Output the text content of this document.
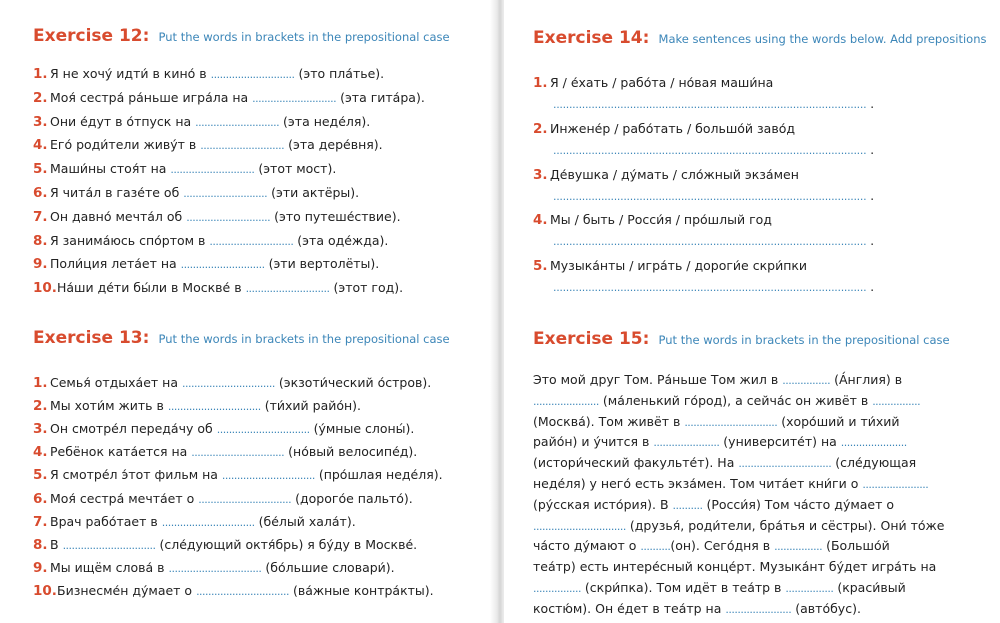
Exercise 12: Put the words in brackets in the prepositional case
1. Я не хочу́ идти́ в кино́ в ............................ (это пла́тье).
2. Моя́ сестра́ ра́ньше игра́ла на ............................ (эта гита́ра).
3. Они е́дут в о́тпуск на ............................ (эта неде́ля).
4. Его́ роди́тели живу́т в ............................ (эта дере́вня).
5. Маши́ны стоя́т на ............................ (этот мост).
6. Я чита́л в газе́те об ............................ (эти актёры).
7. Он давно́ мечта́л об ............................ (это путеше́ствие).
8. Я занима́юсь спо́ртом в ............................ (эта оде́жда).
9. Поли́ция лета́ет на ............................ (эти вертолёты).
10.На́ши де́ти бы́ли в Москве́ в ............................ (этот год).
Exercise 13: Put the words in brackets in the prepositional case
1. Семья́ отдыха́ет на ............................... (экзоти́ческий о́стров).
2. Мы хоти́м жить в ............................... (ти́хий райо́н).
3. Он смотре́л переда́чу об ............................... (у́мные слоны́).
4. Ребёнок ката́ется на ............................... (но́вый велосипе́д).
5. Я смотре́л э́тот фильм на ............................... (про́шлая неде́ля).
6. Моя́ сестра́ мечта́ет о ............................... (дорого́е пальто́).
7. Врач рабо́тает в ............................... (бе́лый хала́т).
8. В ............................... (сле́дующий октя́брь) я бу́ду в Москве́.
9. Мы ищём слова́ в ............................... (бо́льшие словари́).
10.Бизнесме́н ду́мает о ............................... (ва́жные контра́кты).
Exercise 14: Make sentences using the words below. Add prepositions
1. Я / е́хать / рабо́та / но́вая маши́на
.................................................................................................. .
2. Инжене́р / рабо́тать / большо́й заво́д
.................................................................................................. .
3. Де́вушка / ду́мать / сло́жный экза́мен
.................................................................................................. .
4. Мы / быть / Росси́я / про́шлый год
.................................................................................................. .
5. Музыка́нты / игра́ть / дороги́е скри́пки
.................................................................................................. .
Exercise 15: Put the words in brackets in the prepositional case
Это мой друг Том. Ра́ньше Том жил в ................ (А́нглия) в
...................... (ма́ленький го́род), а сейча́с он живёт в ................
(Москва́). Том живёт в ............................... (хоро́ший и ти́хий
райо́н) и у́чится в ...................... (университе́т) на ......................
(истори́ческий факульте́т). На ............................... (сле́дующая
неде́ля) у него́ есть экза́мен. Том чита́ет кни́ги о ......................
(ру́сская исто́рия). В .......... (Росси́я) Том ча́сто ду́мает о
............................... (друзья́, роди́тели, бра́тья и сёстры). Они́ то́же
ча́сто ду́мают о ..........(он). Сего́дня в ................ (Большо́й
теа́тр) есть интере́сный конце́рт. Музыка́нт бу́дет игра́ть на
................ (скри́пка). Том идёт в теа́тр в ................ (краси́вый
костю́м). Он е́дет в теа́тр на ...................... (авто́бус).
